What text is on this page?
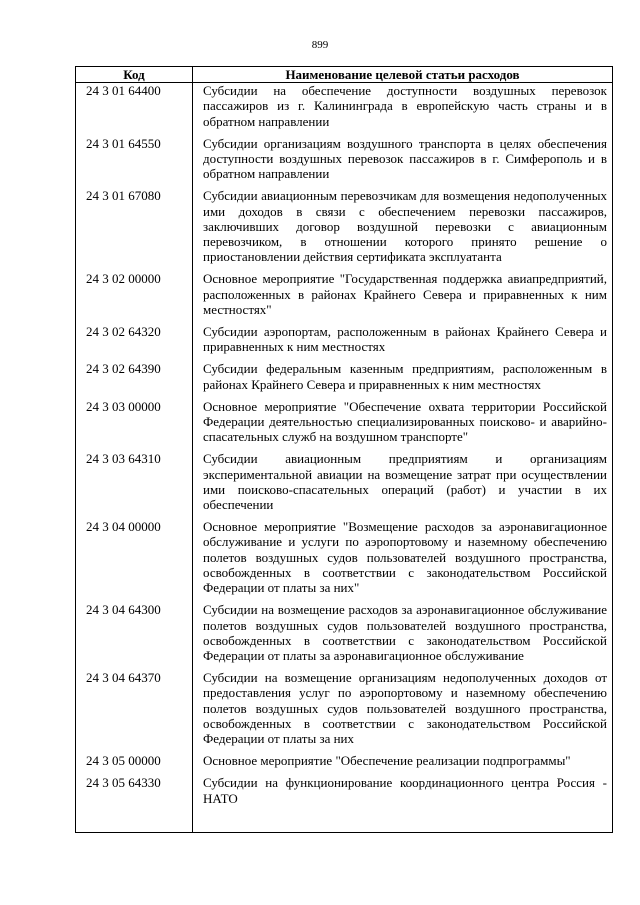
899
Код	Наименование целевой статьи расходов
24 3 01 64400	Субсидии на обеспечение доступности воздушных перевозок пассажиров из г. Калининграда в европейскую часть страны и в обратном направлении
24 3 01 64550	Субсидии организациям воздушного транспорта в целях обеспечения доступности воздушных перевозок пассажиров в г. Симферополь и в обратном направлении
24 3 01 67080	Субсидии авиационным перевозчикам для возмещения недополученных ими доходов в связи с обеспечением перевозки пассажиров, заключивших договор воздушной перевозки с авиационным перевозчиком, в отношении которого принято решение о приостановлении действия сертификата эксплуатанта
24 3 02 00000	Основное мероприятие "Государственная поддержка авиапредприятий, расположенных в районах Крайнего Севера и приравненных к ним местностях"
24 3 02 64320	Субсидии аэропортам, расположенным в районах Крайнего Севера и приравненных к ним местностях
24 3 02 64390	Субсидии федеральным казенным предприятиям, расположенным в районах Крайнего Севера и приравненных к ним местностях
24 3 03 00000	Основное мероприятие "Обеспечение охвата территории Российской Федерации деятельностью специализированных поисково- и аварийно-спасательных служб на воздушном транспорте"
24 3 03 64310	Субсидии авиационным предприятиям и организациям экспериментальной авиации на возмещение затрат при осуществлении ими поисково-спасательных операций (работ) и участии в их обеспечении
24 3 04 00000	Основное мероприятие "Возмещение расходов за аэронавигационное обслуживание и услуги по аэропортовому и наземному обеспечению полетов воздушных судов пользователей воздушного пространства, освобожденных в соответствии с законодательством Российской Федерации от платы за них"
24 3 04 64300	Субсидии на возмещение расходов за аэронавигационное обслуживание полетов воздушных судов пользователей воздушного пространства, освобожденных в соответствии с законодательством Российской Федерации от платы за аэронавигационное обслуживание
24 3 04 64370	Субсидии на возмещение организациям недополученных доходов от предоставления услуг по аэропортовому и наземному обеспечению полетов воздушных судов пользователей воздушного пространства, освобожденных в соответствии с законодательством Российской Федерации от платы за них
24 3 05 00000	Основное мероприятие "Обеспечение реализации подпрограммы"
24 3 05 64330	Субсидии на функционирование координационного центра Россия - НАТО
